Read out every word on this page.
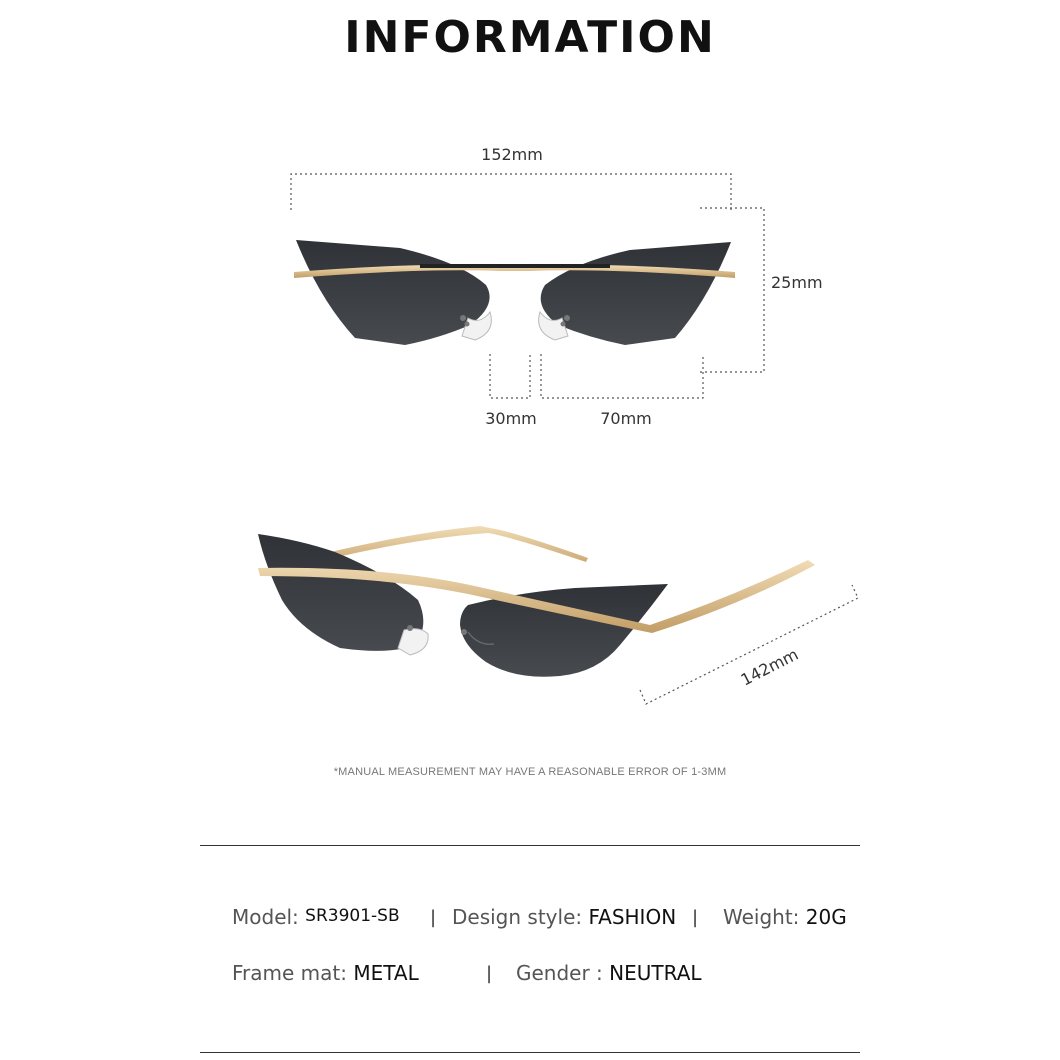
INFORMATION
152mm
25mm
30mm	70mm
142mm
*MANUAL MEASUREMENT MAY HAVE A REASONABLE ERROR OF 1-3MM
Model: SR3901-SB | Design style: FASHION | Weight: 20G
Frame mat: METAL	| Gender : NEUTRAL
